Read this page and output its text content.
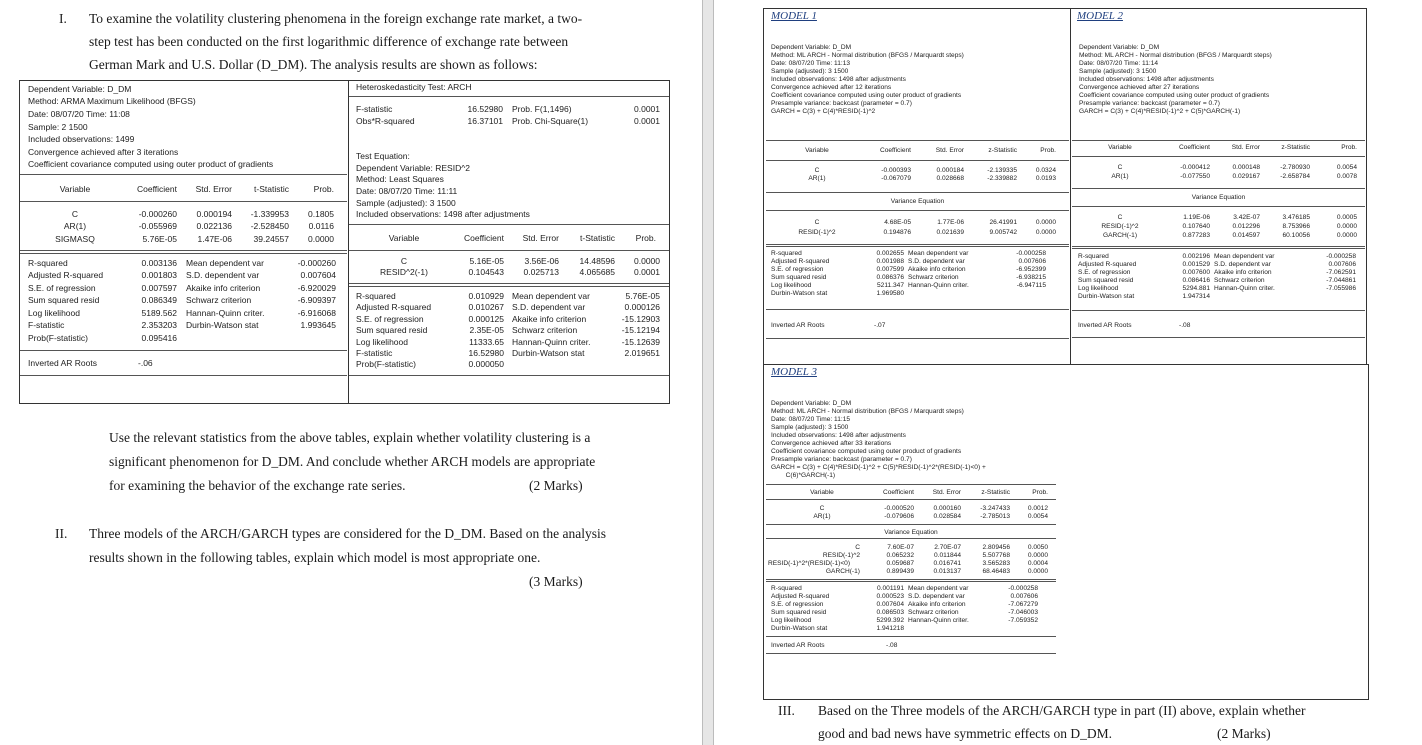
I. To examine the volatility clustering phenomena in the foreign exchange rate market, a two-
step test has been conducted on the first logarithmic difference of exchange rate between
German Mark and U.S. Dollar (D_DM). The analysis results are shown as follows:
Dependent Variable: D_DM
Method: ARMA Maximum Likelihood (BFGS)
Date: 08/07/20 Time: 11:08
Sample: 2 1500
Included observations: 1499
Convergence achieved after 3 iterations
Coefficient covariance computed using outer product of gradients
Variable	Coefficient	Std. Error	t-Statistic	Prob.
C	-0.000260	0.000194	-1.339953	0.1805
AR(1)	-0.055969	0.022136	-2.528450	0.0116
SIGMASQ	5.76E-05	1.47E-06	39.24557	0.0000
R-squared	0.003136 Mean dependent var	-0.000260
Adjusted R-squared	0.001803 S.D. dependent var	0.007604
S.E. of regression	0.007597 Akaike info criterion	-6.920029
Sum squared resid	0.086349 Schwarz criterion	-6.909397
Log likelihood	5189.562 Hannan-Quinn criter.	-6.916068
F-statistic	2.353203 Durbin-Watson stat	1.993645
Prob(F-statistic)	0.095416
Inverted AR Roots	-.06
Heteroskedasticity Test: ARCH
F-statistic	16.52980 Prob. F(1,1496)	0.0001
Obs*R-squared	16.37101 Prob. Chi-Square(1)	0.0001
Test Equation:
Dependent Variable: RESID^2
Method: Least Squares
Date: 08/07/20 Time: 11:11
Sample (adjusted): 3 1500
Included observations: 1498 after adjustments
Variable	Coefficient	Std. Error	t-Statistic	Prob.
C	5.16E-05	3.56E-06	14.48596	0.0000
RESID^2(-1)	0.104543	0.025713	4.065685	0.0001
R-squared	0.010929 Mean dependent var	5.76E-05
Adjusted R-squared	0.010267 S.D. dependent var	0.000126
S.E. of regression	0.000125 Akaike info criterion	-15.12903
Sum squared resid	2.35E-05 Schwarz criterion	-15.12194
Log likelihood	11333.65 Hannan-Quinn criter.	-15.12639
F-statistic	16.52980 Durbin-Watson stat	2.019651
Prob(F-statistic)	0.000050
Use the relevant statistics from the above tables, explain whether volatility clustering is a
significant phenomenon for D_DM. And conclude whether ARCH models are appropriate
for examining the behavior of the exchange rate series.	(2 Marks)
II. Three models of the ARCH/GARCH types are considered for the D_DM. Based on the analysis
results shown in the following tables, explain which model is most appropriate one.
(3 Marks)
MODEL 1
Dependent Variable: D_DM
Method: ML ARCH - Normal distribution (BFGS / Marquardt steps)
Date: 08/07/20 Time: 11:13
Sample (adjusted): 3 1500
Included observations: 1498 after adjustments
Convergence achieved after 12 iterations
Coefficient covariance computed using outer product of gradients
Presample variance: backcast (parameter = 0.7)
GARCH = C(3) + C(4)*RESID(-1)^2
Variable	Coefficient	Std. Error	z-Statistic	Prob.
C	-0.000393	0.000184	-2.139335	0.0324
AR(1)	-0.067079	0.028668	-2.339882	0.0193
Variance Equation
C	4.68E-05	1.77E-06	26.41991	0.0000
RESID(-1)^2	0.194876	0.021639	9.005742	0.0000
R-squared	0.002655 Mean dependent var	-0.000258
Adjusted R-squared	0.001988 S.D. dependent var	0.007606
S.E. of regression	0.007599 Akaike info criterion	-6.952399
Sum squared resid	0.086376 Schwarz criterion	-6.938215
Log likelihood	5211.347 Hannan-Quinn criter.	-6.947115
Durbin-Watson stat	1.969580
Inverted AR Roots	-.07
MODEL 2
Dependent Variable: D_DM
Method: ML ARCH - Normal distribution (BFGS / Marquardt steps)
Date: 08/07/20 Time: 11:14
Sample (adjusted): 3 1500
Included observations: 1498 after adjustments
Convergence achieved after 27 iterations
Coefficient covariance computed using outer product of gradients
Presample variance: backcast (parameter = 0.7)
GARCH = C(3) + C(4)*RESID(-1)^2 + C(5)*GARCH(-1)
Variable	Coefficient	Std. Error	z-Statistic	Prob.
C	-0.000412	0.000148	-2.780930	0.0054
AR(1)	-0.077550	0.029167	-2.658784	0.0078
Variance Equation
C	1.19E-06	3.42E-07	3.476185	0.0005
RESID(-1)^2	0.107640	0.012296	8.753966	0.0000
GARCH(-1)	0.877283	0.014597	60.10056	0.0000
R-squared	0.002196 Mean dependent var	-0.000258
Adjusted R-squared	0.001529 S.D. dependent var	0.007606
S.E. of regression	0.007600 Akaike info criterion	-7.062591
Sum squared resid	0.086416 Schwarz criterion	-7.044861
Log likelihood	5294.881 Hannan-Quinn criter.	-7.055986
Durbin-Watson stat	1.947314
Inverted AR Roots	-.08
MODEL 3
Dependent Variable: D_DM
Method: ML ARCH - Normal distribution (BFGS / Marquardt steps)
Date: 08/07/20 Time: 11:15
Sample (adjusted): 3 1500
Included observations: 1498 after adjustments
Convergence achieved after 33 iterations
Coefficient covariance computed using outer product of gradients
Presample variance: backcast (parameter = 0.7)
GARCH = C(3) + C(4)*RESID(-1)^2 + C(5)*RESID(-1)^2*(RESID(-1)<0) +
C(6)*GARCH(-1)
Variable	Coefficient	Std. Error	z-Statistic	Prob.
C	-0.000520	0.000160	-3.247433	0.0012
AR(1)	-0.079606	0.028584	-2.785013	0.0054
Variance Equation
C	7.60E-07	2.70E-07	2.809456	0.0050
RESID(-1)^2	0.065232	0.011844	5.507768	0.0000
RESID(-1)^2*(RESID(-1)<0)	0.059687	0.016741	3.565283	0.0004
GARCH(-1)	0.899439	0.013137	68.46483	0.0000
R-squared	0.001191 Mean dependent var	-0.000258
Adjusted R-squared	0.000523 S.D. dependent var	0.007606
S.E. of regression	0.007604 Akaike info criterion	-7.067279
Sum squared resid	0.086503 Schwarz criterion	-7.046003
Log likelihood	5299.392 Hannan-Quinn criter.	-7.059352
Durbin-Watson stat	1.941218
Inverted AR Roots	-.08
III. Based on the Three models of the ARCH/GARCH type in part (II) above, explain whether
good and bad news have symmetric effects on D_DM.	(2 Marks)
